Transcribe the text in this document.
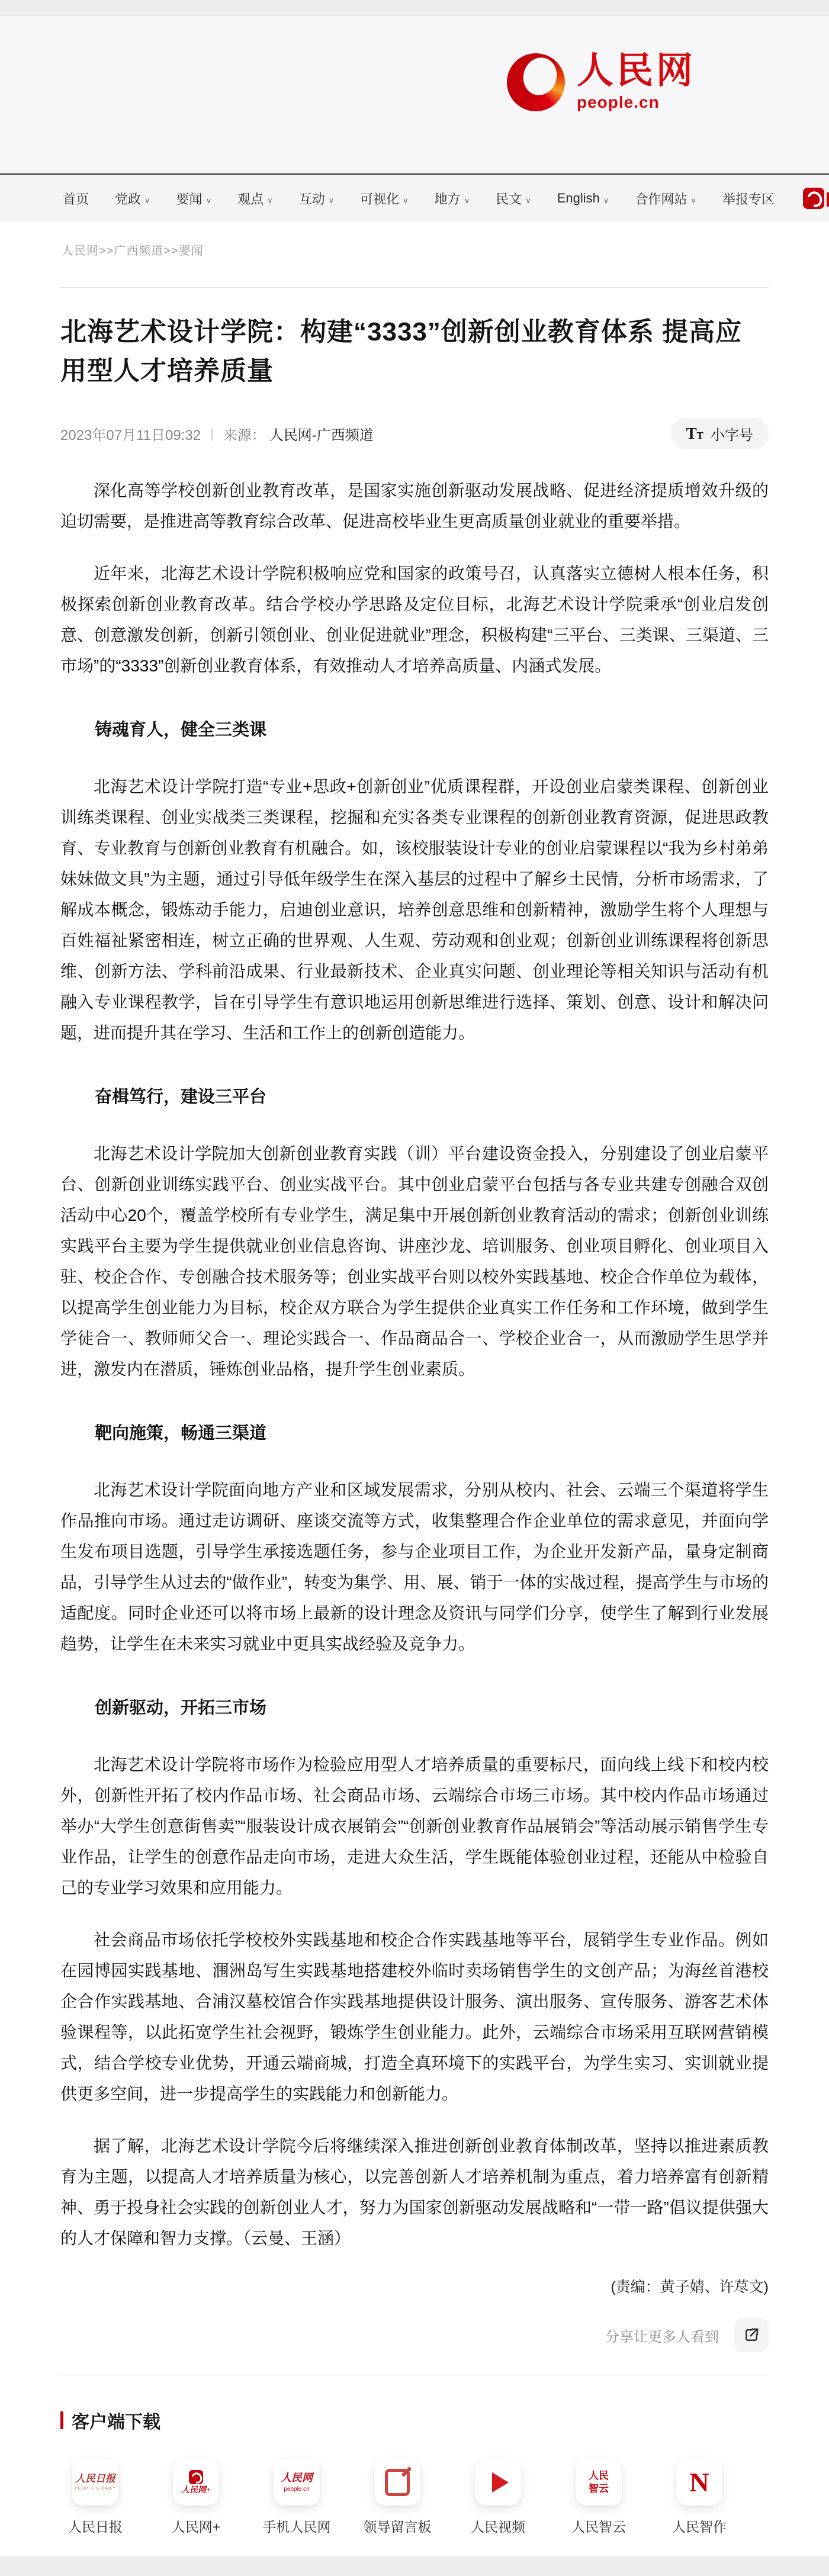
人民网
people.cn
首页 党政 ∨	要闻 ∨	观点 ∨	互动 ∨	可视化 ∨	地方 ∨	民文 ∨	English ∨	合作网站 ∨	举报专区
人民网>>广西频道>>要闻
北海艺术设计学院：构建“3333”创新创业教育体系 提高应用型人才培养质量
2023年07月11日09:32 | 来源： 人民网-广西频道	T T 小字号

深化高等学校创新创业教育改革，是国家实施创新驱动发展战略、促进经济提质增效升级的迫切需要，是推进高等教育综合改革、促进高校毕业生更高质量创业就业的重要举措。

近年来，北海艺术设计学院积极响应党和国家的政策号召，认真落实立德树人根本任务，积极探索创新创业教育改革。结合学校办学思路及定位目标，北海艺术设计学院秉承“创业启发创意、创意激发创新，创新引领创业、创业促进就业”理念，积极构建“三平台、三类课、三渠道、三市场”的“3333”创新创业教育体系，有效推动人才培养高质量、内涵式发展。

铸魂育人，健全三类课

北海艺术设计学院打造“专业+思政+创新创业”优质课程群，开设创业启蒙类课程、创新创业训练类课程、创业实战类三类课程，挖掘和充实各类专业课程的创新创业教育资源，促进思政教育、专业教育与创新创业教育有机融合。如，该校服装设计专业的创业启蒙课程以“我为乡村弟弟妹妹做文具”为主题，通过引导低年级学生在深入基层的过程中了解乡土民情，分析市场需求，了解成本概念，锻炼动手能力，启迪创业意识，培养创意思维和创新精神，激励学生将个人理想与百姓福祉紧密相连，树立正确的世界观、人生观、劳动观和创业观；创新创业训练课程将创新思维、创新方法、学科前沿成果、行业最新技术、企业真实问题、创业理论等相关知识与活动有机融入专业课程教学，旨在引导学生有意识地运用创新思维进行选择、策划、创意、设计和解决问题，进而提升其在学习、生活和工作上的创新创造能力。

奋楫笃行，建设三平台

北海艺术设计学院加大创新创业教育实践（训）平台建设资金投入，分别建设了创业启蒙平台、创新创业训练实践平台、创业实战平台。其中创业启蒙平台包括与各专业共建专创融合双创活动中心20个，覆盖学校所有专业学生，满足集中开展创新创业教育活动的需求；创新创业训练实践平台主要为学生提供就业创业信息咨询、讲座沙龙、培训服务、创业项目孵化、创业项目入驻、校企合作、专创融合技术服务等；创业实战平台则以校外实践基地、校企合作单位为载体，以提高学生创业能力为目标，校企双方联合为学生提供企业真实工作任务和工作环境，做到学生学徒合一、教师师父合一、理论实践合一、作品商品合一、学校企业合一，从而激励学生思学并进，激发内在潜质，锤炼创业品格，提升学生创业素质。

靶向施策，畅通三渠道

北海艺术设计学院面向地方产业和区域发展需求，分别从校内、社会、云端三个渠道将学生作品推向市场。通过走访调研、座谈交流等方式，收集整理合作企业单位的需求意见，并面向学生发布项目选题，引导学生承接选题任务，参与企业项目工作，为企业开发新产品，量身定制商品，引导学生从过去的“做作业”，转变为集学、用、展、销于一体的实战过程，提高学生与市场的适配度。同时企业还可以将市场上最新的设计理念及资讯与同学们分享，使学生了解到行业发展趋势，让学生在未来实习就业中更具实战经验及竞争力。

创新驱动，开拓三市场

北海艺术设计学院将市场作为检验应用型人才培养质量的重要标尺，面向线上线下和校内校外，创新性开拓了校内作品市场、社会商品市场、云端综合市场三市场。其中校内作品市场通过举办“大学生创意街售卖”“服装设计成衣展销会”“创新创业教育作品展销会”等活动展示销售学生专业作品，让学生的创意作品走向市场，走进大众生活，学生既能体验创业过程，还能从中检验自己的专业学习效果和应用能力。

社会商品市场依托学校校外实践基地和校企合作实践基地等平台，展销学生专业作品。例如在园博园实践基地、涠洲岛写生实践基地搭建校外临时卖场销售学生的文创产品；为海丝首港校企合作实践基地、合浦汉墓校馆合作实践基地提供设计服务、演出服务、宣传服务、游客艺术体验课程等，以此拓宽学生社会视野，锻炼学生创业能力。此外，云端综合市场采用互联网营销模式，结合学校专业优势，开通云端商城，打造全真环境下的实践平台，为学生实习、实训就业提供更多空间，进一步提高学生的实践能力和创新能力。

据了解，北海艺术设计学院今后将继续深入推进创新创业教育体制改革，坚持以推进素质教育为主题，以提高人才培养质量为核心，以完善创新人才培养机制为重点，着力培养富有创新精神、勇于投身社会实践的创新创业人才，努力为国家创新驱动发展战略和“一带一路”倡议提供强大的人才保障和智力支撑。（云曼、王涵）

(责编：黄子婧、许荩文)
分享让更多人看到
客户端下载
人民日报
PEOPLE'S DAILY
人民日报
人民网+
人民网+
人民网
people.cn
手机人民网 领导留言板	人民视频
人民
智云
人民智云
N
人民智作
